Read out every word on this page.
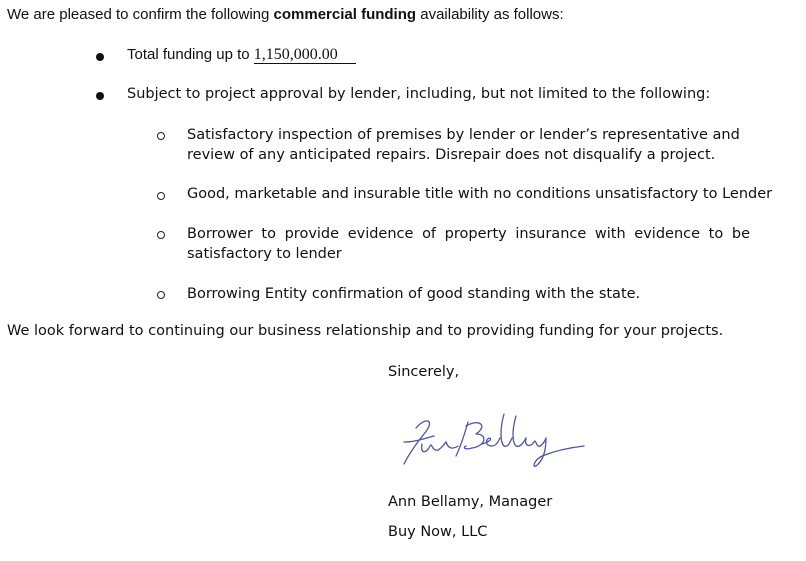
We are pleased to confirm the following commercial funding availability as follows:
Total funding up to 1,150,000.00
Subject to project approval by lender, including, but not limited to the following:
Satisfactory inspection of premises by lender or lender’s representative and review of any anticipated repairs. Disrepair does not disqualify a project.
Good, marketable and insurable title with no conditions unsatisfactory to Lender
Borrower to provide evidence of property insurance with evidence to be satisfactory to lender
Borrowing Entity confirmation of good standing with the state.
We look forward to continuing our business relationship and to providing funding for your projects.
Sincerely,
Ann Bellamy, Manager
Buy Now, LLC
